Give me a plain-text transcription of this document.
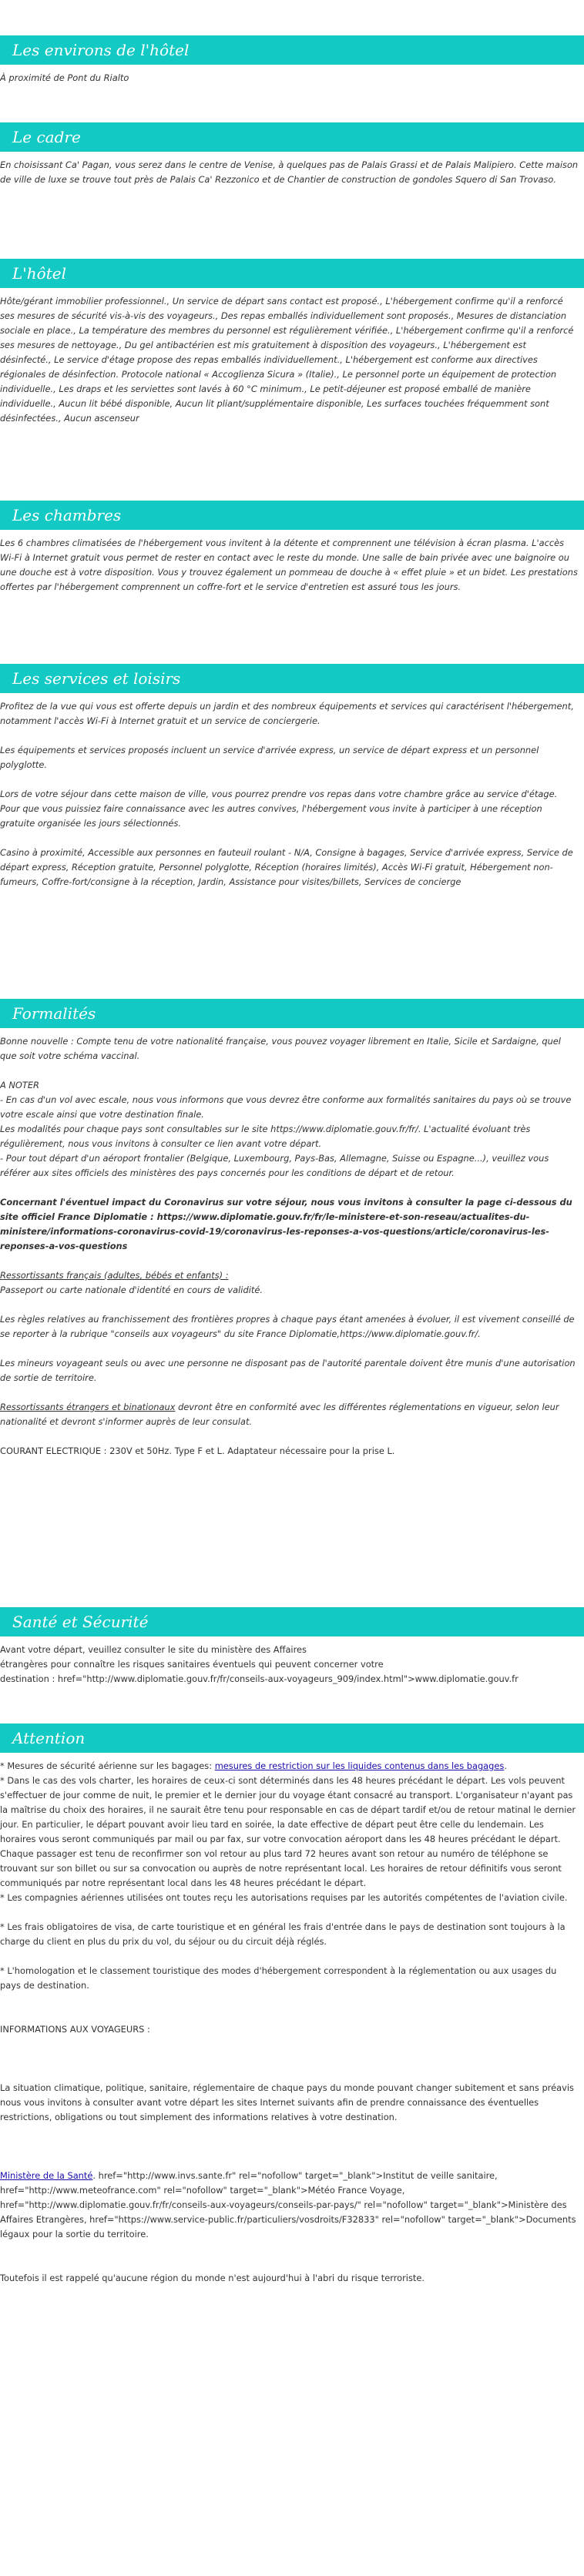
Les environs de l'hôtel

À proximité de Pont du Rialto

Le cadre

En choisissant Ca' Pagan, vous serez dans le centre de Venise, à quelques pas de Palais Grassi et de Palais Malipiero. Cette maison de ville de luxe se trouve tout près de Palais Ca' Rezzonico et de Chantier de construction de gondoles Squero di San Trovaso.

L'hôtel

Hôte/gérant immobilier professionnel., Un service de départ sans contact est proposé., L'hébergement confirme qu'il a renforcé ses mesures de sécurité vis-à-vis des voyageurs., Des repas emballés individuellement sont proposés., Mesures de distanciation sociale en place., La température des membres du personnel est régulièrement vérifiée., L'hébergement confirme qu'il a renforcé ses mesures de nettoyage., Du gel antibactérien est mis gratuitement à disposition des voyageurs., L'hébergement est désinfecté., Le service d'étage propose des repas emballés individuellement., L'hébergement est conforme aux directives régionales de désinfection. Protocole national « Accoglienza Sicura » (Italie)., Le personnel porte un équipement de protection individuelle., Les draps et les serviettes sont lavés à 60 °C minimum., Le petit-déjeuner est proposé emballé de manière individuelle., Aucun lit bébé disponible, Aucun lit pliant/supplémentaire disponible, Les surfaces touchées fréquemment sont désinfectées., Aucun ascenseur

Les chambres

Les 6 chambres climatisées de l'hébergement vous invitent à la détente et comprennent une télévision à écran plasma. L'accès Wi-Fi à Internet gratuit vous permet de rester en contact avec le reste du monde. Une salle de bain privée avec une baignoire ou une douche est à votre disposition. Vous y trouvez également un pommeau de douche à « effet pluie » et un bidet. Les prestations offertes par l'hébergement comprennent un coffre-fort et le service d'entretien est assuré tous les jours.

Les services et loisirs

Profitez de la vue qui vous est offerte depuis un jardin et des nombreux équipements et services qui caractérisent l'hébergement, notamment l'accès Wi-Fi à Internet gratuit et un service de conciergerie.

Les équipements et services proposés incluent un service d'arrivée express, un service de départ express et un personnel polyglotte.

Lors de votre séjour dans cette maison de ville, vous pourrez prendre vos repas dans votre chambre grâce au service d'étage. Pour que vous puissiez faire connaissance avec les autres convives, l'hébergement vous invite à participer à une réception gratuite organisée les jours sélectionnés.

Casino à proximité, Accessible aux personnes en fauteuil roulant - N/A, Consigne à bagages, Service d'arrivée express, Service de départ express, Réception gratuite, Personnel polyglotte, Réception (horaires limités), Accès Wi-Fi gratuit, Hébergement non-fumeurs, Coffre-fort/consigne à la réception, Jardin, Assistance pour visites/billets, Services de concierge

Formalités

Bonne nouvelle : Compte tenu de votre nationalité française, vous pouvez voyager librement en Italie, Sicile et Sardaigne, quel que soit votre schéma vaccinal.

A NOTER

- En cas d'un vol avec escale, nous vous informons que vous devrez être conforme aux formalités sanitaires du pays où se trouve votre escale ainsi que votre destination finale.

Les modalités pour chaque pays sont consultables sur le site https://www.diplomatie.gouv.fr/fr/. L'actualité évoluant très régulièrement, nous vous invitons à consulter ce lien avant votre départ.

- Pour tout départ d'un aéroport frontalier (Belgique, Luxembourg, Pays-Bas, Allemagne, Suisse ou Espagne...), veuillez vous référer aux sites officiels des ministères des pays concernés pour les conditions de départ et de retour.

Concernant l'éventuel impact du Coronavirus sur votre séjour, nous vous invitons à consulter la page ci-dessous du site officiel France Diplomatie : https://www.diplomatie.gouv.fr/fr/le-ministere-et-son-reseau/actualites-du-ministere/informations-coronavirus-covid-19/coronavirus-les-reponses-a-vos-questions/article/coronavirus-les-reponses-a-vos-questions

Ressortissants français (adultes, bébés et enfants) :

Passeport ou carte nationale d'identité en cours de validité.

Les règles relatives au franchissement des frontières propres à chaque pays étant amenées à évoluer, il est vivement conseillé de se reporter à la rubrique "conseils aux voyageurs" du site France Diplomatie,https://www.diplomatie.gouv.fr/.

Les mineurs voyageant seuls ou avec une personne ne disposant pas de l'autorité parentale doivent être munis d'une autorisation de sortie de territoire.

Ressortissants étrangers et binationaux devront être en conformité avec les différentes réglementations en vigueur, selon leur nationalité et devront s'informer auprès de leur consulat.

COURANT ELECTRIQUE : 230V et 50Hz. Type F et L. Adaptateur nécessaire pour la prise L.

Santé et Sécurité

Avant votre départ, veuillez consulter le site du ministère des Affaires

étrangères pour connaître les risques sanitaires éventuels qui peuvent concerner votre

destination : href="http://www.diplomatie.gouv.fr/fr/conseils-aux-voyageurs_909/index.html">www.diplomatie.gouv.fr

Attention

* Mesures de sécurité aérienne sur les bagages: mesures de restriction sur les liquides contenus dans les bagages.

* Dans le cas des vols charter, les horaires de ceux-ci sont déterminés dans les 48 heures précédant le départ. Les vols peuvent s'effectuer de jour comme de nuit, le premier et le dernier jour du voyage étant consacré au transport. L'organisateur n'ayant pas la maîtrise du choix des horaires, il ne saurait être tenu pour responsable en cas de départ tardif et/ou de retour matinal le dernier jour. En particulier, le départ pouvant avoir lieu tard en soirée, la date effective de départ peut être celle du lendemain. Les horaires vous seront communiqués par mail ou par fax, sur votre convocation aéroport dans les 48 heures précédant le départ. Chaque passager est tenu de reconfirmer son vol retour au plus tard 72 heures avant son retour au numéro de téléphone se trouvant sur son billet ou sur sa convocation ou auprès de notre représentant local. Les horaires de retour définitifs vous seront communiqués par notre représentant local dans les 48 heures précédant le départ.

* Les compagnies aériennes utilisées ont toutes reçu les autorisations requises par les autorités compétentes de l'aviation civile.

* Les frais obligatoires de visa, de carte touristique et en général les frais d'entrée dans le pays de destination sont toujours à la charge du client en plus du prix du vol, du séjour ou du circuit déjà réglés.

* L'homologation et le classement touristique des modes d'hébergement correspondent à la réglementation ou aux usages du pays de destination.

INFORMATIONS AUX VOYAGEURS :

La situation climatique, politique, sanitaire, réglementaire de chaque pays du monde pouvant changer subitement et sans préavis

nous vous invitons à consulter avant votre départ les sites Internet suivants afin de prendre connaissance des éventuelles restrictions, obligations ou tout simplement des informations relatives à votre destination.

Ministère de la Santé. href="http://www.invs.sante.fr" rel="nofollow" target="_blank">Institut de veille sanitaire, href="http://www.meteofrance.com" rel="nofollow" target="_blank">Météo France Voyage, href="http://www.diplomatie.gouv.fr/fr/conseils-aux-voyageurs/conseils-par-pays/" rel="nofollow" target="_blank">Ministère des Affaires Etrangères, href="https://www.service-public.fr/particuliers/vosdroits/F32833" rel="nofollow" target="_blank">Documents légaux pour la sortie du territoire.

Toutefois il est rappelé qu'aucune région du monde n'est aujourd'hui à l'abri du risque terroriste.
